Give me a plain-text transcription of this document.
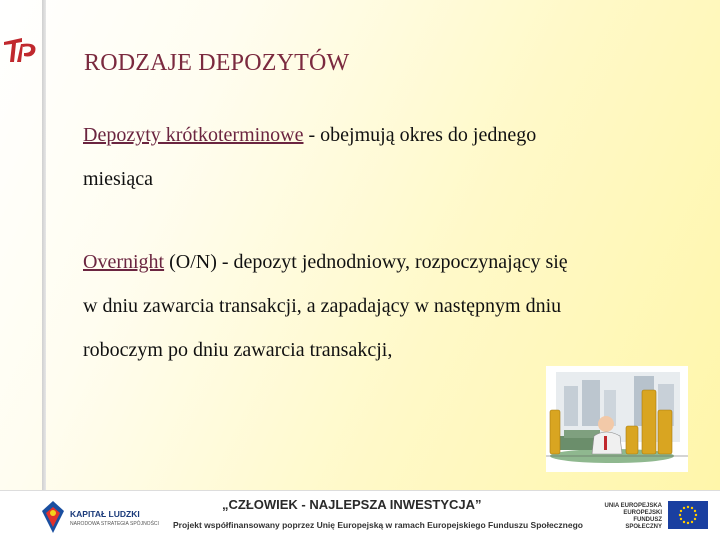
RODZAJE DEPOZYTÓW
Depozyty krótkoterminowe - obejmują okres do jednego miesiąca
Overnight (O/N) - depozyt jednodniowy, rozpoczynający się w dniu zawarcia transakcji, a zapadający w następnym dniu roboczym po dniu zawarcia transakcji,
KAPITAŁ LUDZKI
NARODOWA STRATEGIA SPÓJNOŚCI
„CZŁOWIEK - NAJLEPSZA INWESTYCJA”
Projekt współfinansowany poprzez Unię Europejską w ramach Europejskiego Funduszu Społecznego
UNIA EUROPEJSKA
EUROPEJSKI
FUNDUSZ SPOŁECZNY
